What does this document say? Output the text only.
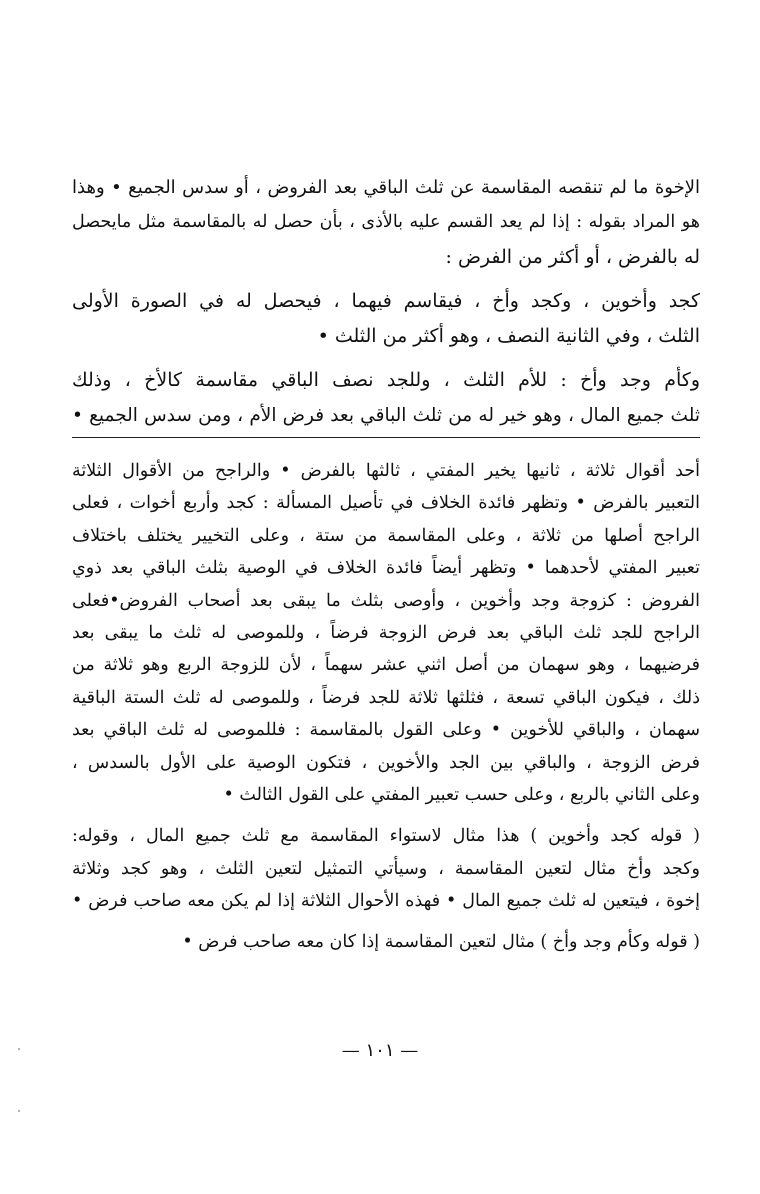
الإخوة ما لم تنقصه المقاسمة عن ثلث الباقي بعد الفروض ، أو سدس الجميع • وهذا
هو المراد بقوله : إذا لم يعد القسم عليه بالأذى ، بأن حصل له بالمقاسمة مثل مايحصل
له بالفرض ، أو أكثر من الفرض :
كجد وأخوين ، وكجد وأخ ، فيقاسم فيهما ، فيحصل له في الصورة الأولى
الثلث ، وفي الثانية النصف ، وهو أكثر من الثلث •
وكأم وجد وأخ : للأم الثلث ، وللجد نصف الباقي مقاسمة كالأخ ، وذلك
ثلث جميع المال ، وهو خير له من ثلث الباقي بعد فرض الأم ، ومن سدس الجميع •
أحد أقوال ثلاثة ، ثانيها يخير المفتي ، ثالثها بالفرض • والراجح من الأقوال الثلاثة
التعبير بالفرض • وتظهر فائدة الخلاف في تأصيل المسألة : كجد وأربع أخوات ، فعلى
الراجح أصلها من ثلاثة ، وعلى المقاسمة من ستة ، وعلى التخيير يختلف باختلاف
تعبير المفتي لأحدهما • وتظهر أيضاً فائدة الخلاف في الوصية بثلث الباقي بعد ذوي
الفروض : كزوجة وجد وأخوين ، وأوصى بثلث ما يبقى بعد أصحاب الفروض•فعلى
الراجح للجد ثلث الباقي بعد فرض الزوجة فرضاً ، وللموصى له ثلث ما يبقى بعد
فرضيهما ، وهو سهمان من أصل اثني عشر سهماً ، لأن للزوجة الربع وهو ثلاثة من
ذلك ، فيكون الباقي تسعة ، فثلثها ثلاثة للجد فرضاً ، وللموصى له ثلث الستة الباقية
سهمان ، والباقي للأخوين • وعلى القول بالمقاسمة : فللموصى له ثلث الباقي بعد
فرض الزوجة ، والباقي بين الجد والأخوين ، فتكون الوصية على الأول بالسدس ،
وعلى الثاني بالربع ، وعلى حسب تعبير المفتي على القول الثالث •
( قوله كجد وأخوين ) هذا مثال لاستواء المقاسمة مع ثلث جميع المال ، وقوله:
وكجد وأخ مثال لتعين المقاسمة ، وسيأتي التمثيل لتعين الثلث ، وهو كجد وثلاثة
إخوة ، فيتعين له ثلث جميع المال • فهذه الأحوال الثلاثة إذا لم يكن معه صاحب فرض •
( قوله وكأم وجد وأخ ) مثال لتعين المقاسمة إذا كان معه صاحب فرض •
— ١٠١ —
